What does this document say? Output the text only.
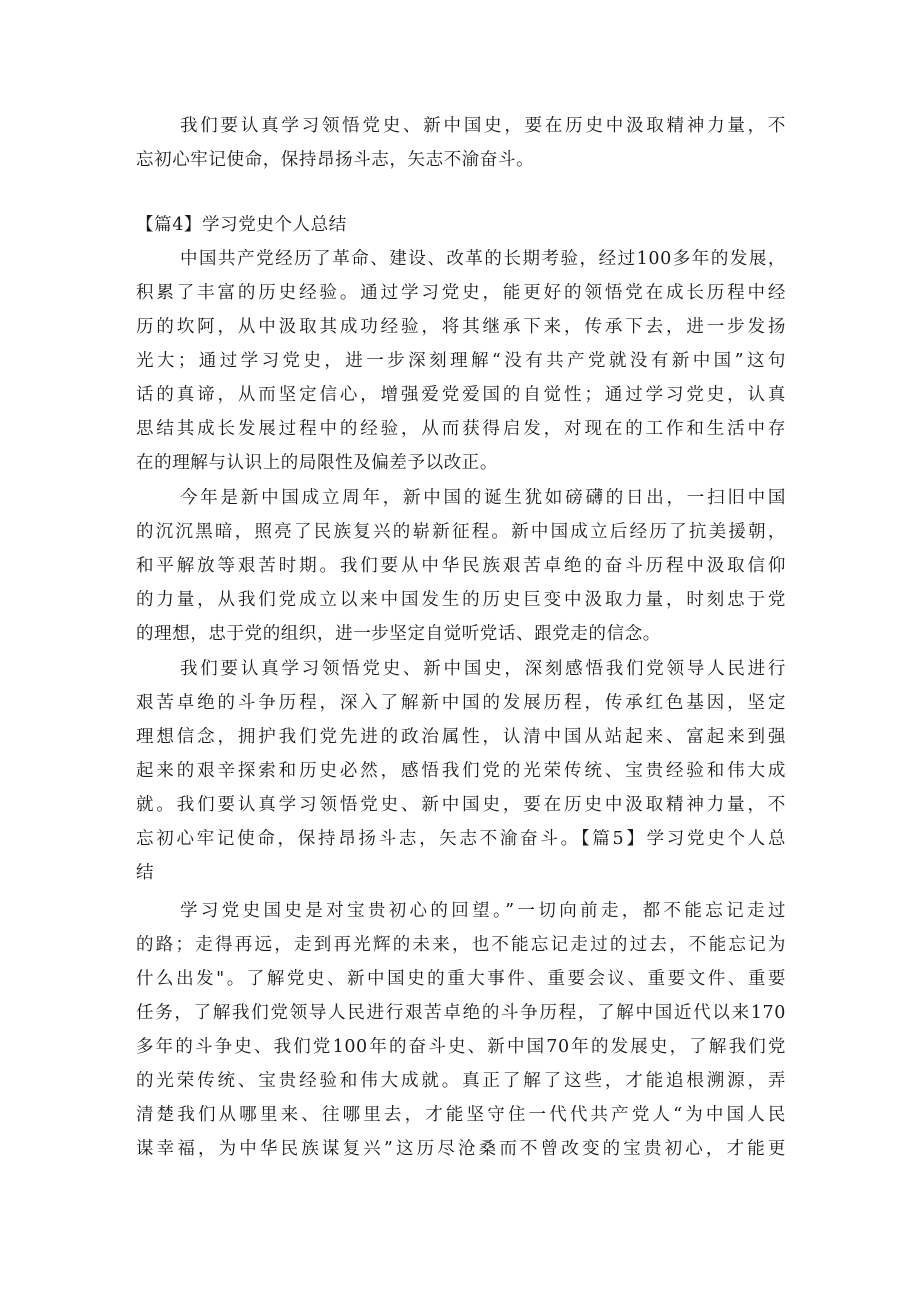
我们要认真学习领悟党史、新中国史，要在历史中汲取精神力量，不
忘初心牢记使命，保持昂扬斗志，矢志不渝奋斗。
【篇4】学习党史个人总结
中国共产党经历了革命、建设、改革的长期考验，经过100多年的发展，
积累了丰富的历史经验。通过学习党史，能更好的领悟党在成长历程中经
历的坎阿，从中汲取其成功经验，将其继承下来，传承下去，进一步发扬
光大；通过学习党史，进一步深刻理解“没有共产党就没有新中国”这句
话的真谛，从而坚定信心，增强爱党爱国的自觉性；通过学习党史，认真
思结其成长发展过程中的经验，从而获得启发，对现在的工作和生活中存
在的理解与认识上的局限性及偏差予以改正。
今年是新中国成立周年，新中国的诞生犹如磅礴的日出，一扫旧中国
的沉沉黑暗，照亮了民族复兴的崭新征程。新中国成立后经历了抗美援朝，
和平解放等艰苦时期。我们要从中华民族艰苦卓绝的奋斗历程中汲取信仰
的力量，从我们党成立以来中国发生的历史巨变中汲取力量，时刻忠于党
的理想，忠于党的组织，进一步坚定自觉听党话、跟党走的信念。
我们要认真学习领悟党史、新中国史，深刻感悟我们党领导人民进行
艰苦卓绝的斗争历程，深入了解新中国的发展历程，传承红色基因，坚定
理想信念，拥护我们党先进的政治属性，认清中国从站起来、富起来到强
起来的艰辛探索和历史必然，感悟我们党的光荣传统、宝贵经验和伟大成
就。我们要认真学习领悟党史、新中国史，要在历史中汲取精神力量，不
忘初心牢记使命，保持昂扬斗志，矢志不渝奋斗。【篇5】学习党史个人总
结
学习党史国史是对宝贵初心的回望。”一切向前走，都不能忘记走过
的路；走得再远，走到再光辉的未来，也不能忘记走过的过去，不能忘记为
什么出发"。了解党史、新中国史的重大事件、重要会议、重要文件、重要
任务，了解我们党领导人民进行艰苦卓绝的斗争历程，了解中国近代以来170
多年的斗争史、我们党100年的奋斗史、新中国70年的发展史，了解我们党
的光荣传统、宝贵经验和伟大成就。真正了解了这些，才能追根溯源，弄
清楚我们从哪里来、往哪里去，才能坚守住一代代共产党人“为中国人民
谋幸福，为中华民族谋复兴”这历尽沧桑而不曾改变的宝贵初心，才能更
